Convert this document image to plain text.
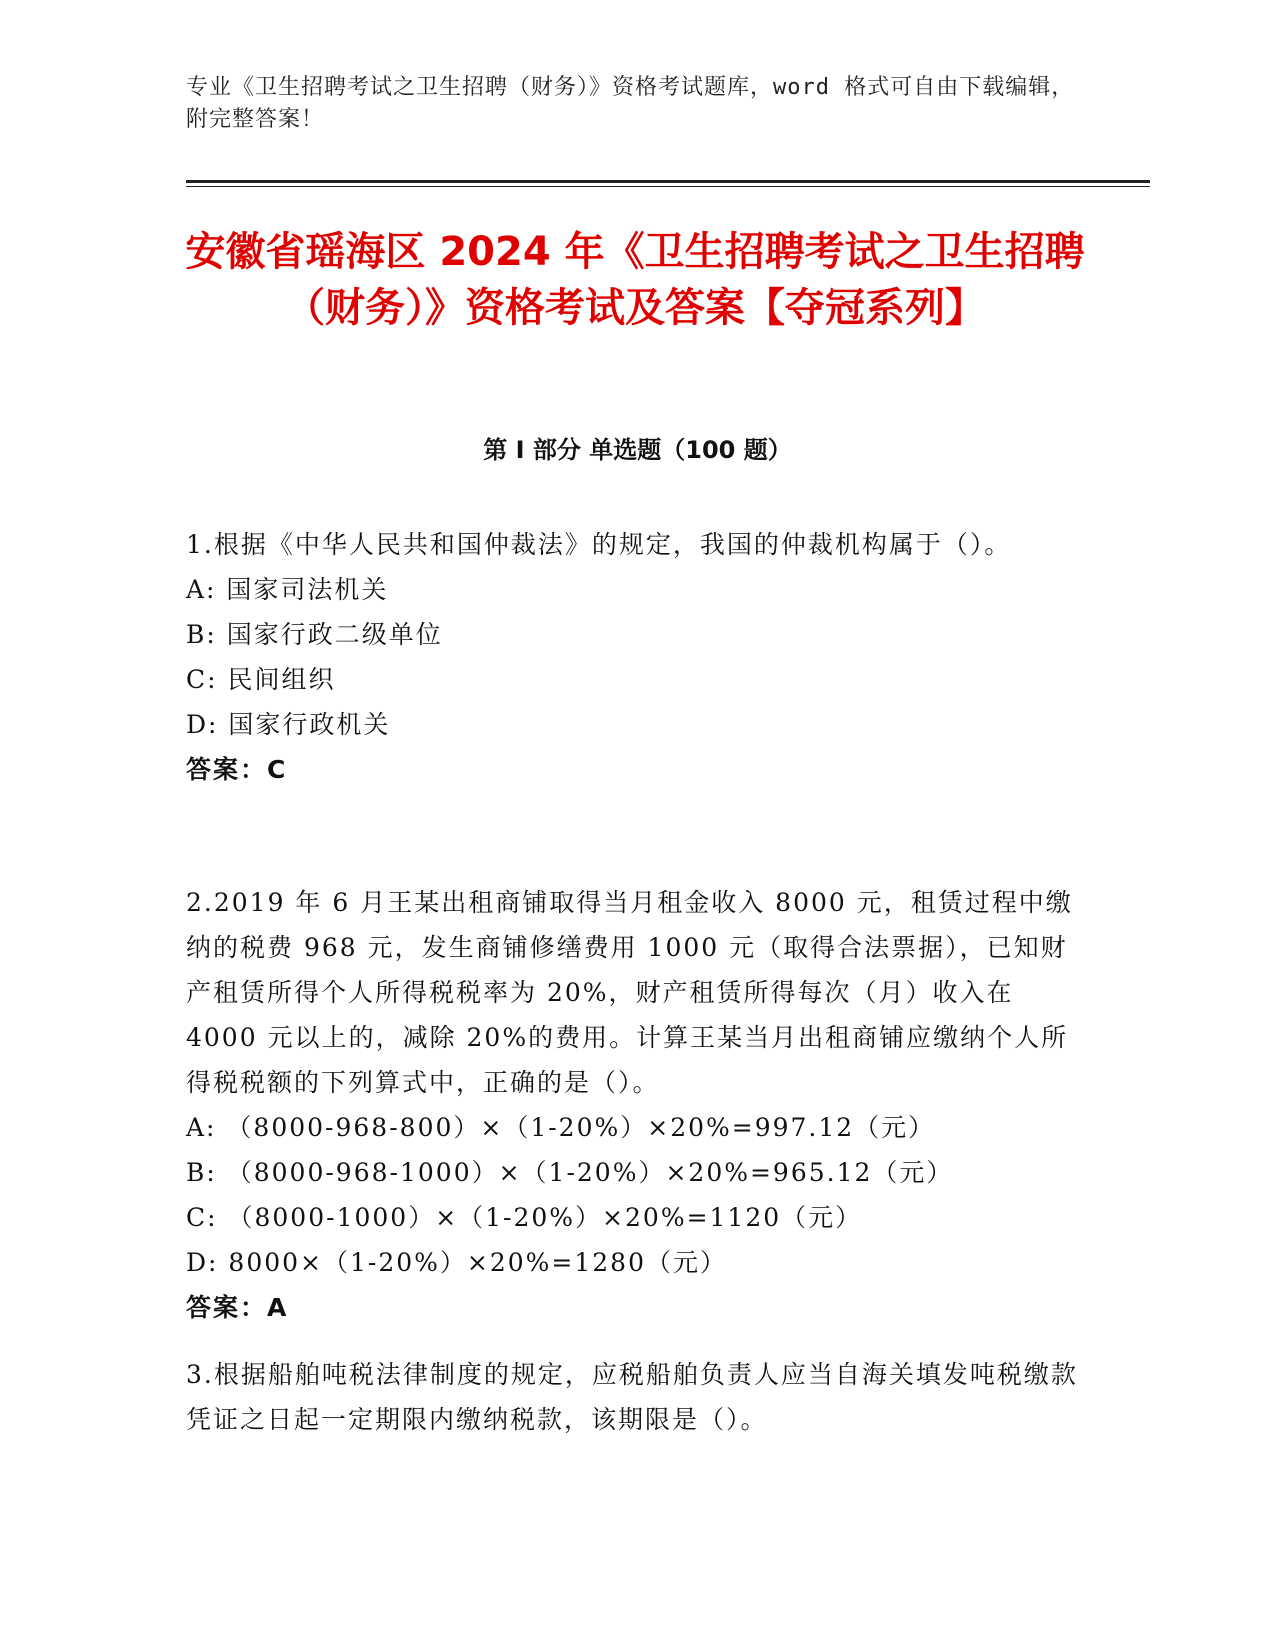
专业《卫生招聘考试之卫生招聘（财务）》资格考试题库，word 格式可自由下载编辑，附完整答案！
安徽省瑶海区 2024 年《卫生招聘考试之卫生招聘（财务）》资格考试及答案【夺冠系列】
第 I 部分 单选题（100 题）
1.根据《中华人民共和国仲裁法》的规定，我国的仲裁机构属于（）。
A: 国家司法机关
B: 国家行政二级单位
C: 民间组织
D: 国家行政机关
答案：C
2.2019 年 6 月王某出租商铺取得当月租金收入 8000 元，租赁过程中缴纳的税费 968 元，发生商铺修缮费用 1000 元（取得合法票据），已知财产租赁所得个人所得税税率为 20%，财产租赁所得每次（月）收入在 4000 元以上的，减除 20%的费用。计算王某当月出租商铺应缴纳个人所得税税额的下列算式中，正确的是（）。
A: （8000-968-800）×（1-20%）×20%=997.12（元）
B: （8000-968-1000）×（1-20%）×20%=965.12（元）
C: （8000-1000）×（1-20%）×20%=1120（元）
D: 8000×（1-20%）×20%=1280（元）
答案：A
3.根据船舶吨税法律制度的规定，应税船舶负责人应当自海关填发吨税缴款凭证之日起一定期限内缴纳税款，该期限是（）。
